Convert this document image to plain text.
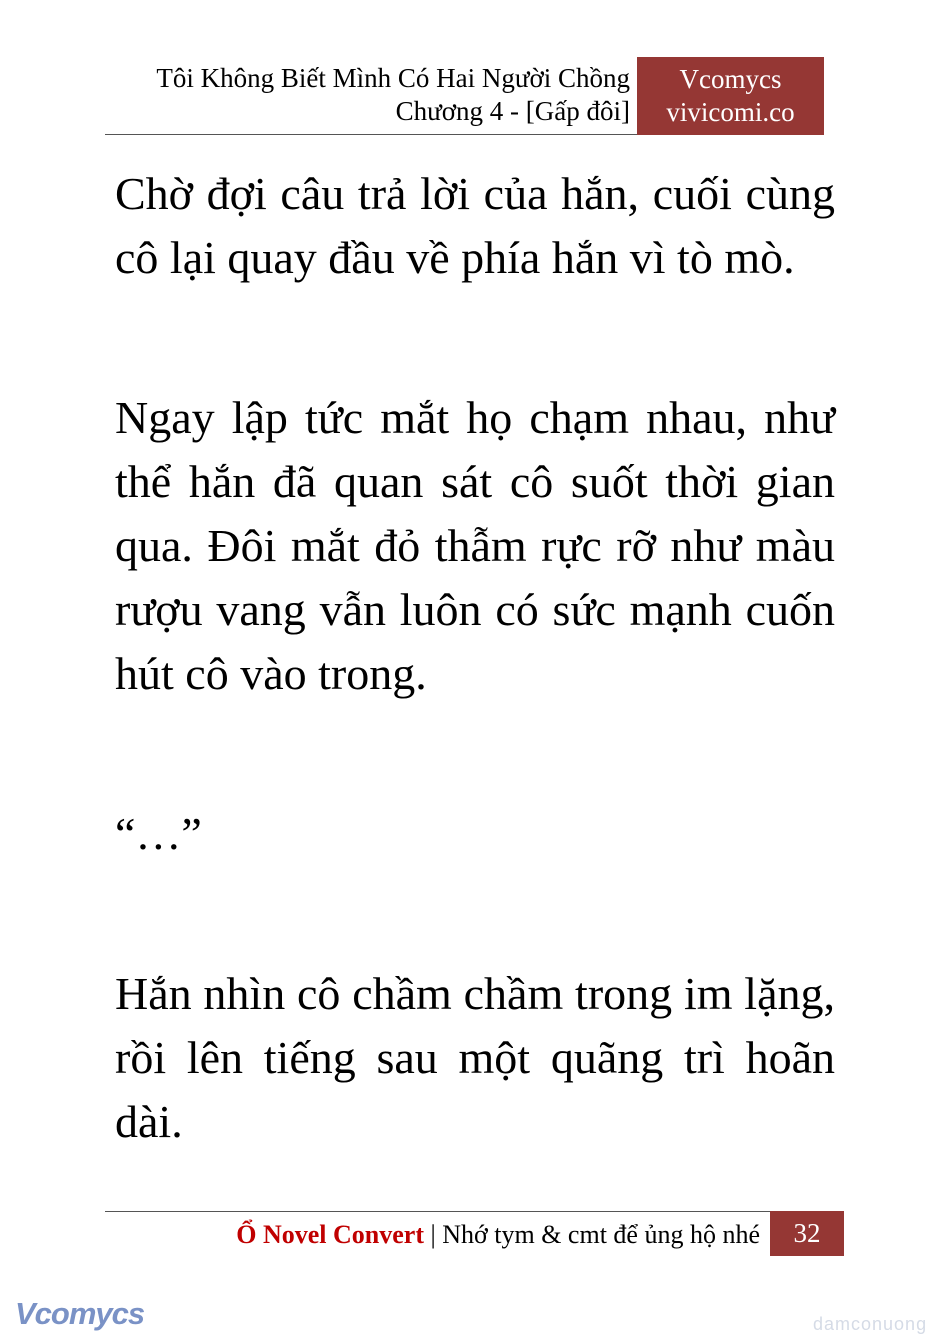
Tôi Không Biết Mình Có Hai Người Chồng
Chương 4 - [Gấp đôi]
Vcomycs
vivicomi.co

Chờ đợi câu trả lời của hắn, cuối cùng cô lại quay đầu về phía hắn vì tò mò.

Ngay lập tức mắt họ chạm nhau, như thể hắn đã quan sát cô suốt thời gian qua. Đôi mắt đỏ thẫm rực rỡ như màu rượu vang vẫn luôn có sức mạnh cuốn hút cô vào trong.

“…”

Hắn nhìn cô chầm chầm trong im lặng, rồi lên tiếng sau một quãng trì hoãn dài.

Ổ Novel Convert | Nhớ tym & cmt để ủng hộ nhé	32
Vcomycs	damconuong
